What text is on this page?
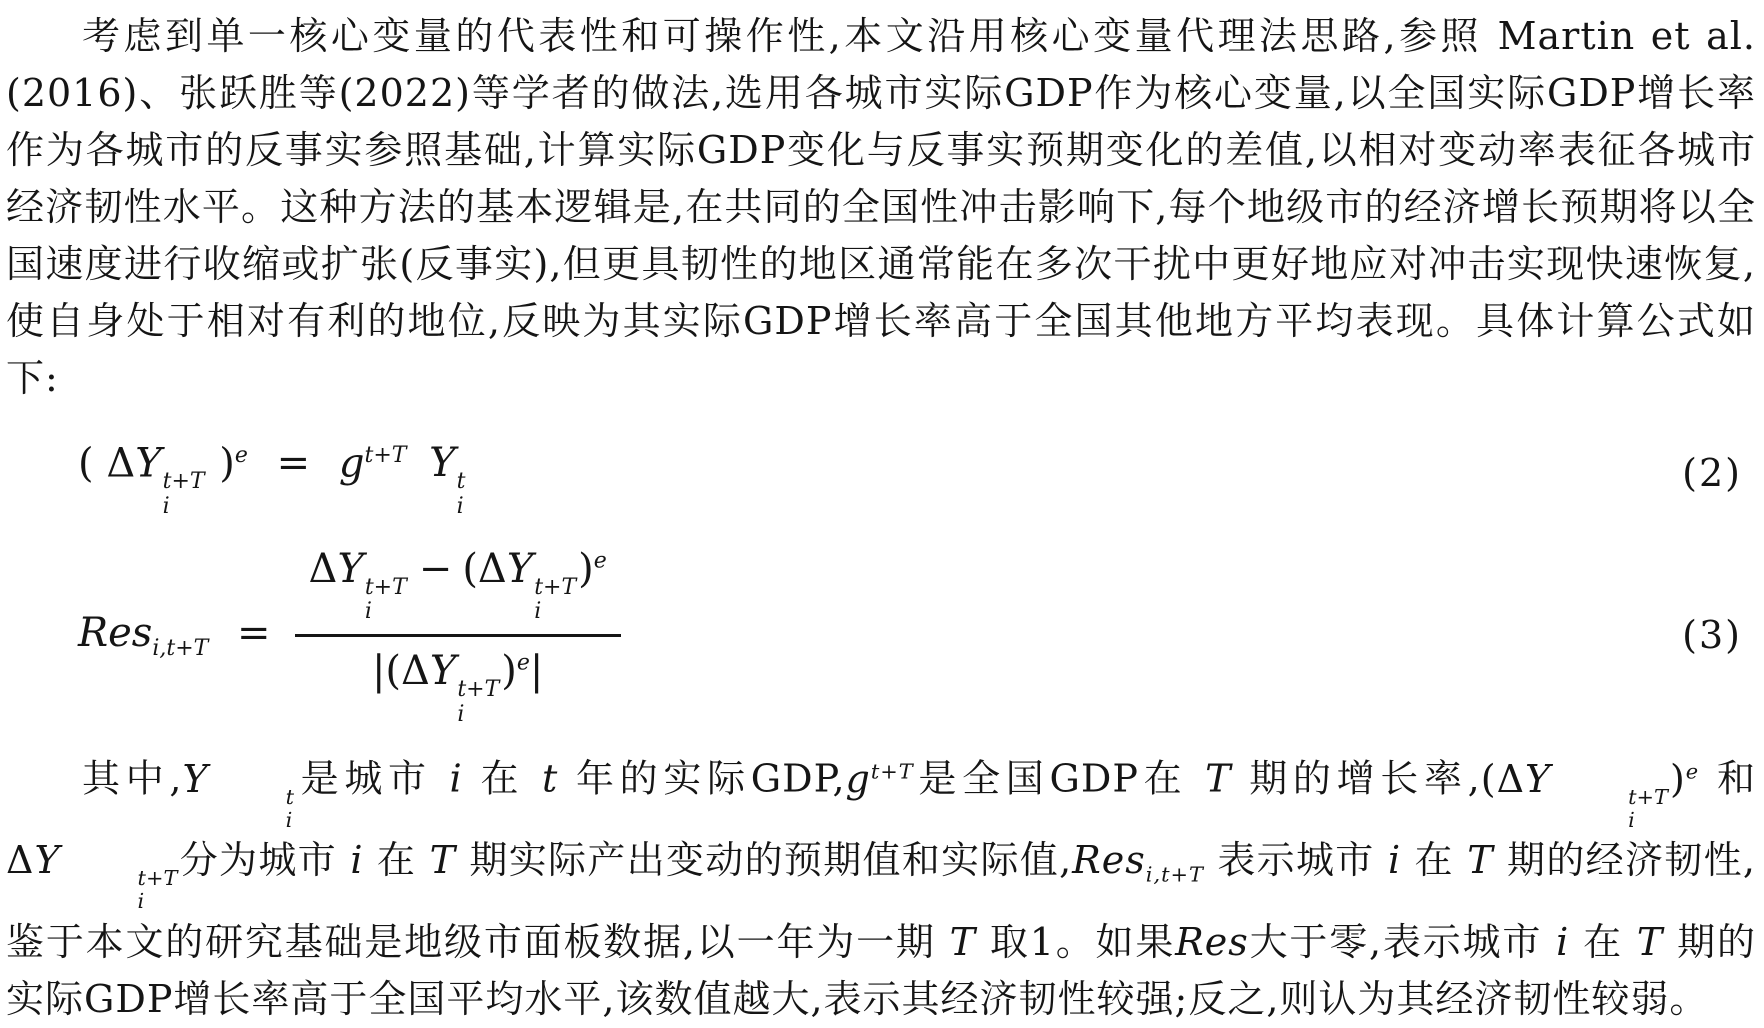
考虑到单一核心变量的代表性和可操作性,本文沿用核心变量代理法思路,参照 Martin et al.(2016)、张跃胜等(2022)等学者的做法,选用各城市实际GDP作为核心变量,以全国实际GDP增长率作为各城市的反事实参照基础,计算实际GDP变化与反事实预期变化的差值,以相对变动率表征各城市经济韧性水平。这种方法的基本逻辑是,在共同的全国性冲击影响下,每个地级市的经济增长预期将以全国速度进行收缩或扩张(反事实),但更具韧性的地区通常能在多次干扰中更好地应对冲击实现快速恢复,使自身处于相对有利的地位,反映为其实际GDP增长率高于全国其他地方平均表现。具体计算公式如下:

( ΔY t+T
i
)$^e = g^{t+T}$ Y t
i
(2)
Res$_{i,t+T}$ = ΔY t+T
i
− (ΔY t+T
i
)$^e$
|(ΔY t+T
i
)$^e$|	(3)

其中,Y	t
i
是城市 i 在 t 年的实际$GDP,g^{t+T}$是全国GDP在 T 期的增长率,(ΔY	t+T
i
)$^e$ 和 ΔY	t+T
i
分为城市 i 在 T 期实际产出变动的预期值和实际值,Res$_{i,t+T}$ 表示城市 i 在 T 期的经济韧性,鉴于本文的研究基础是地级市面板数据,以一年为一期 T 取1。如果Res大于零,表示城市 i 在 T 期的实际GDP增长率高于全国平均水平,该数值越大,表示其经济韧性较强;反之,则认为其经济韧性较弱。
